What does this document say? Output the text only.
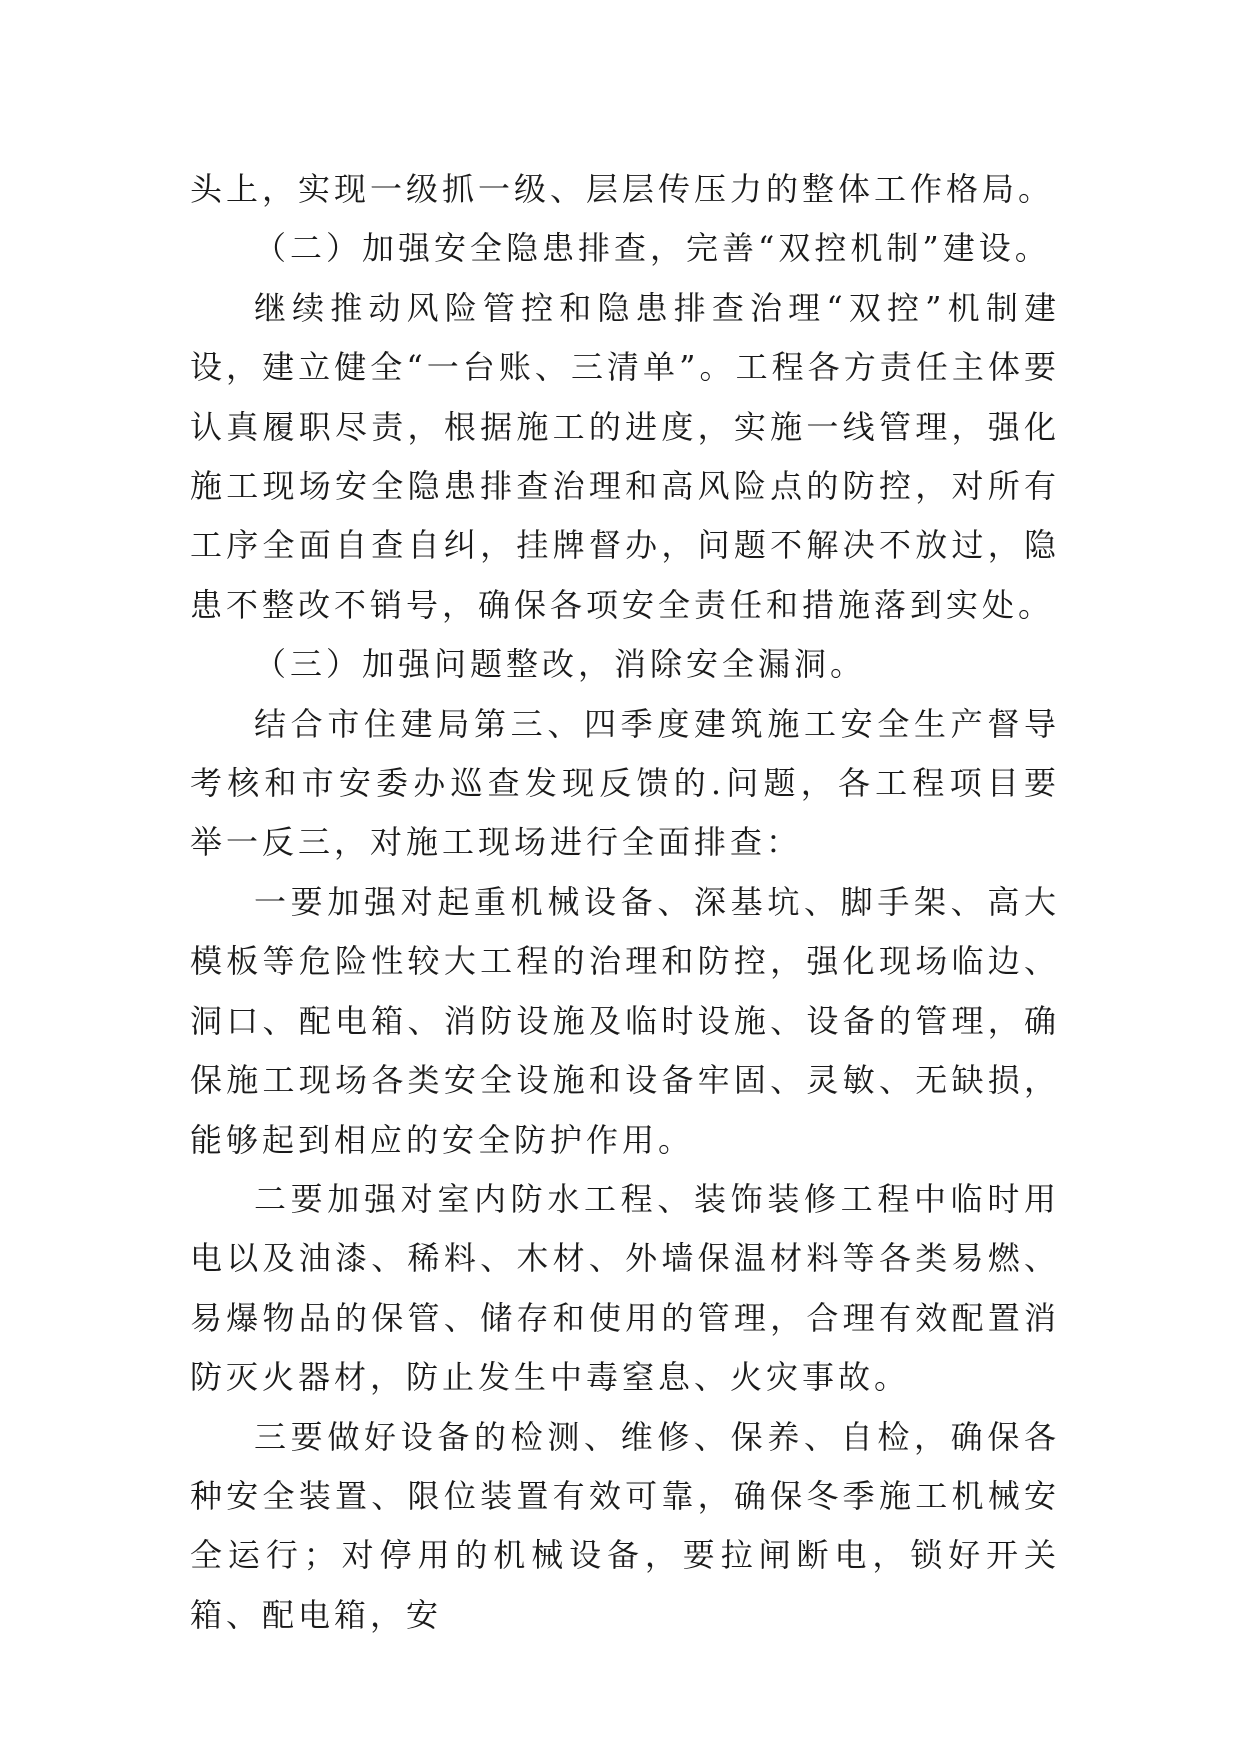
头上，实现一级抓一级、层层传压力的整体工作格局。

（二）加强安全隐患排查，完善“双控机制”建设。

继续推动风险管控和隐患排查治理“双控”机制建设，建立健全“一台账、三清单”。工程各方责任主体要认真履职尽责，根据施工的进度，实施一线管理，强化施工现场安全隐患排查治理和高风险点的防控，对所有工序全面自查自纠，挂牌督办，问题不解决不放过，隐患不整改不销号，确保各项安全责任和措施落到实处。

（三）加强问题整改，消除安全漏洞。

结合市住建局第三、四季度建筑施工安全生产督导考核和市安委办巡查发现反馈的.问题，各工程项目要举一反三，对施工现场进行全面排查：

一要加强对起重机械设备、深基坑、脚手架、高大模板等危险性较大工程的治理和防控，强化现场临边、洞口、配电箱、消防设施及临时设施、设备的管理，确保施工现场各类安全设施和设备牢固、灵敏、无缺损，能够起到相应的安全防护作用。

二要加强对室内防水工程、装饰装修工程中临时用电以及油漆、稀料、木材、外墙保温材料等各类易燃、易爆物品的保管、储存和使用的管理，合理有效配置消防灭火器材，防止发生中毒窒息、火灾事故。

三要做好设备的检测、维修、保养、自检，确保各种安全装置、限位装置有效可靠，确保冬季施工机械安全运行；对停用的机械设备，要拉闸断电，锁好开关箱、配电箱，安
